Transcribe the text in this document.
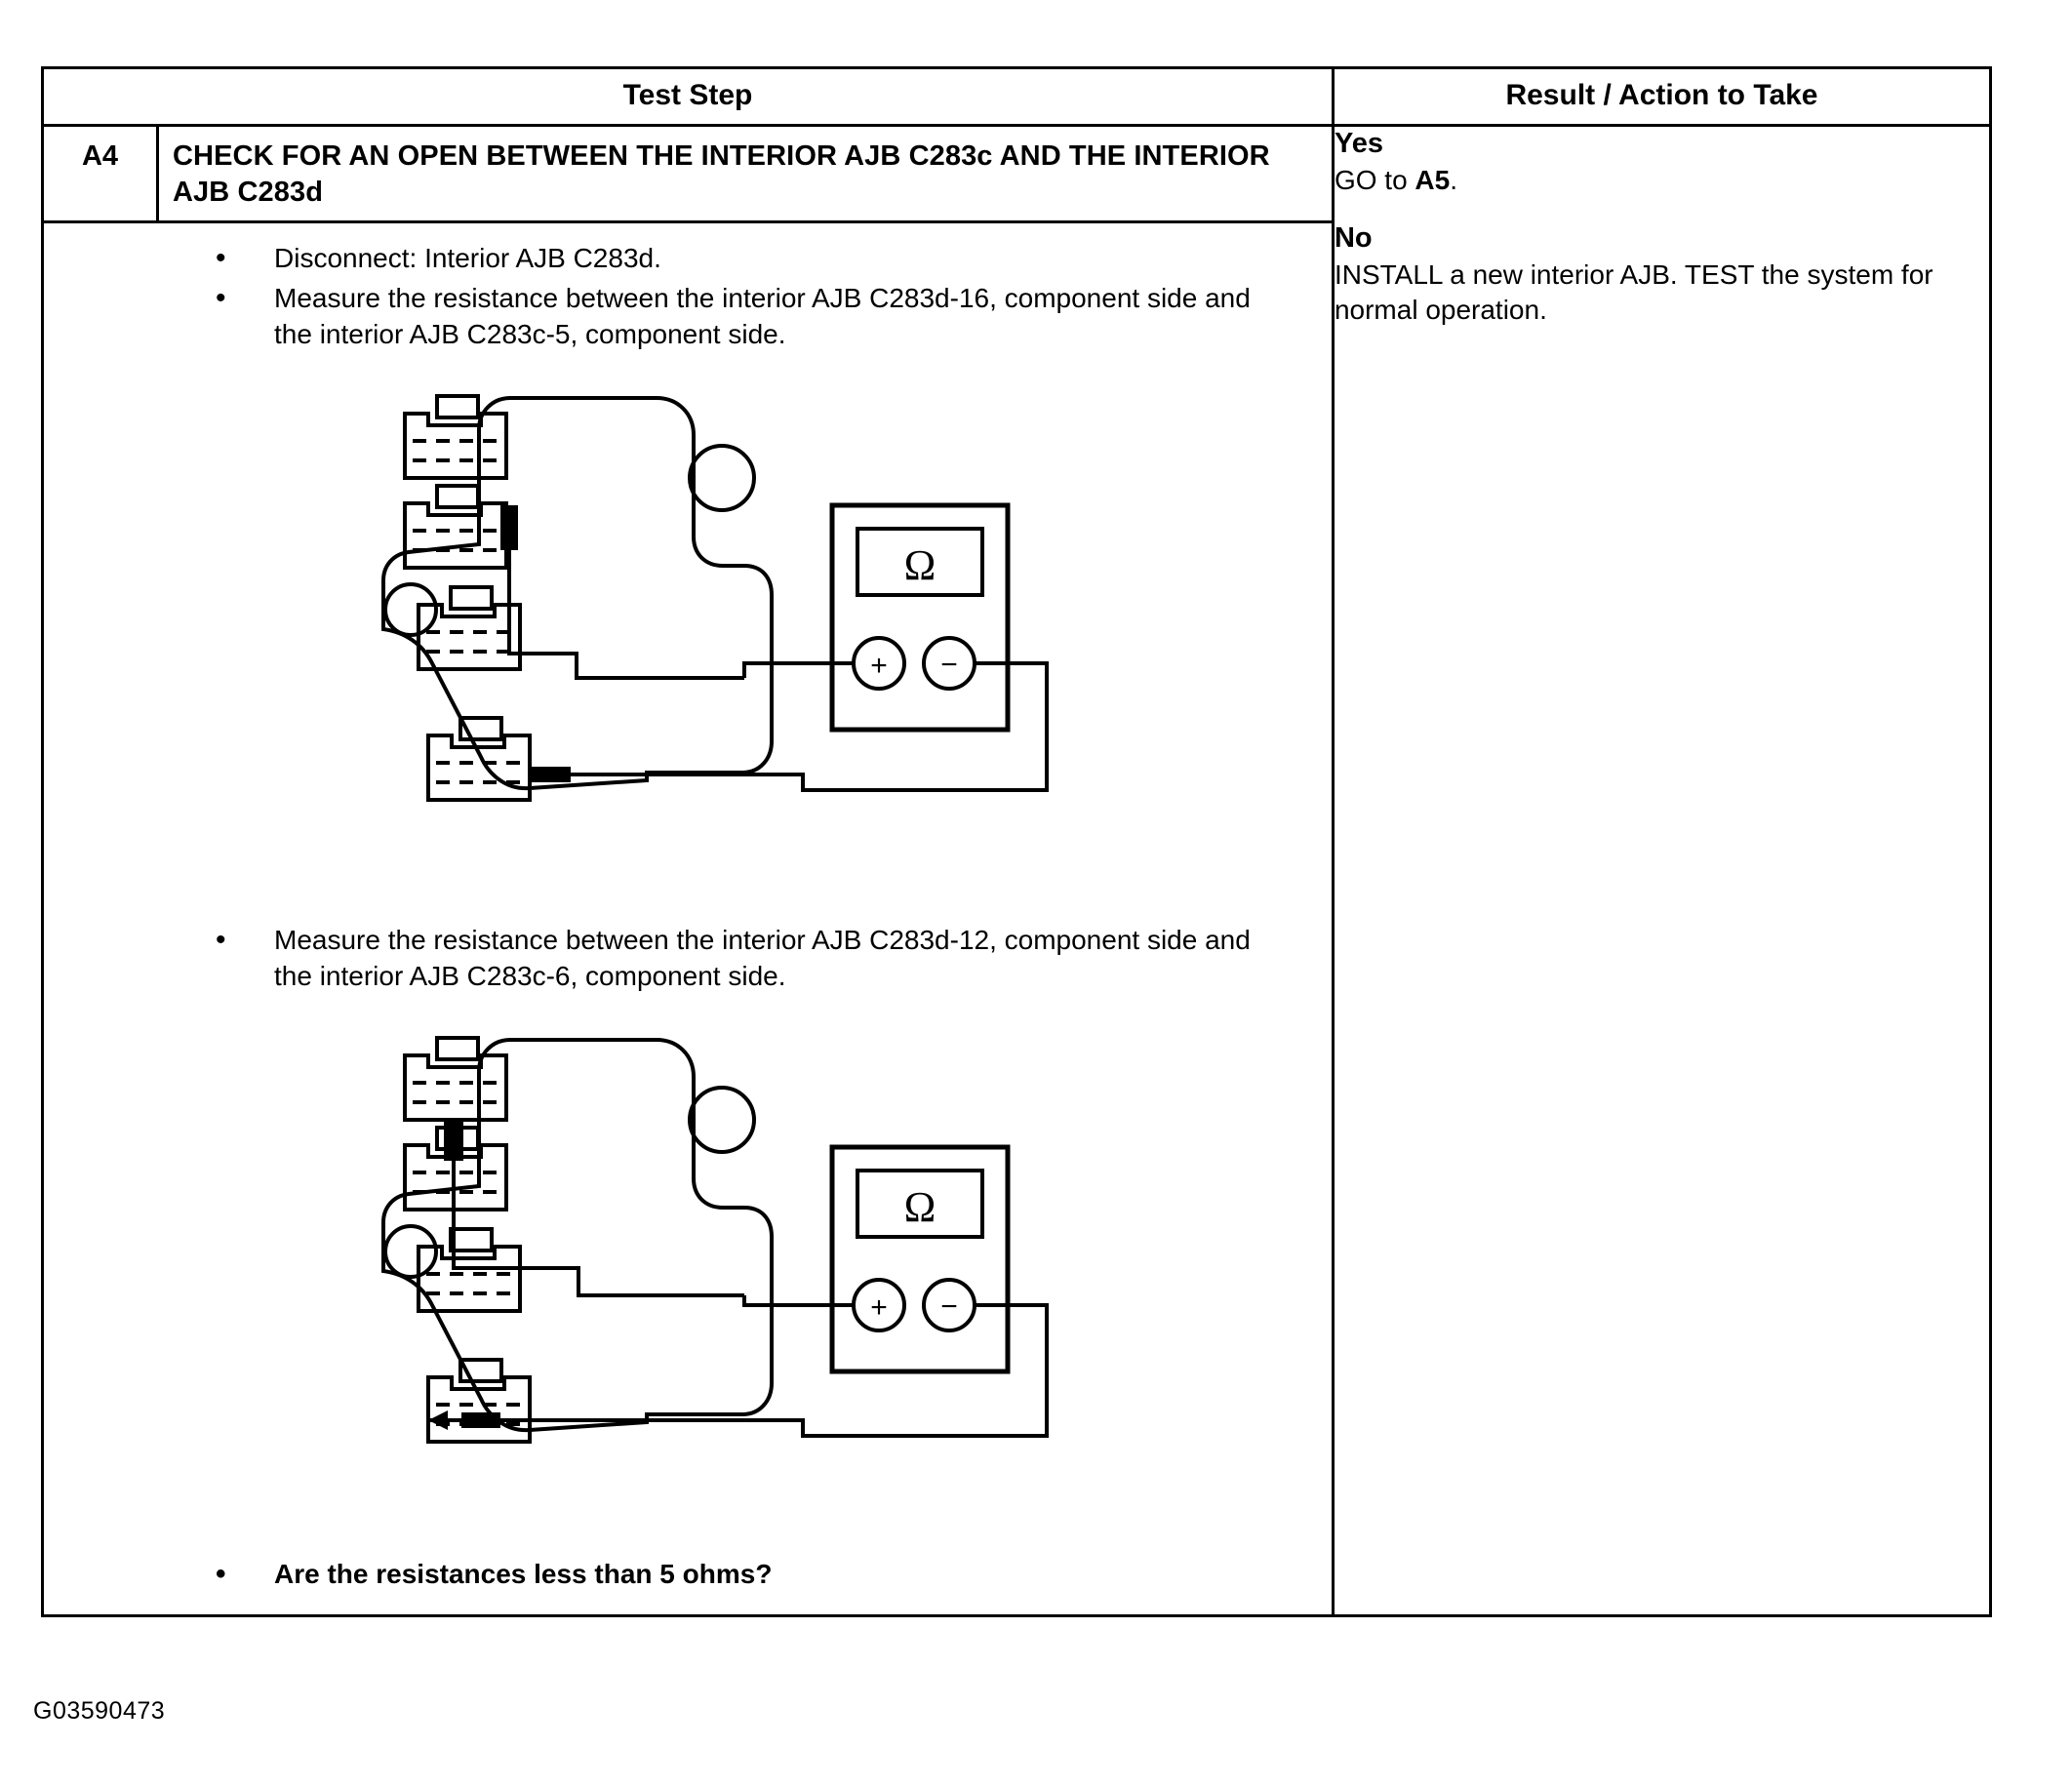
Test Step	Result / Action to Take

A4	CHECK FOR AN OPEN BETWEEN THE INTERIOR AJB C283c AND THE INTERIOR AJB C283d
• Disconnect: Interior AJB C283d.
• Measure the resistance between the interior AJB C283d-16, component side and the interior AJB C283c-5, component side.
Ω
+ −
• Measure the resistance between the interior AJB C283d-12, component side and the interior AJB C283c-6, component side.
Ω
+ −
• Are the resistances less than 5 ohms?

Yes
GO to A5.
No
INSTALL a new interior AJB. TEST the system for normal operation.
G03590473
